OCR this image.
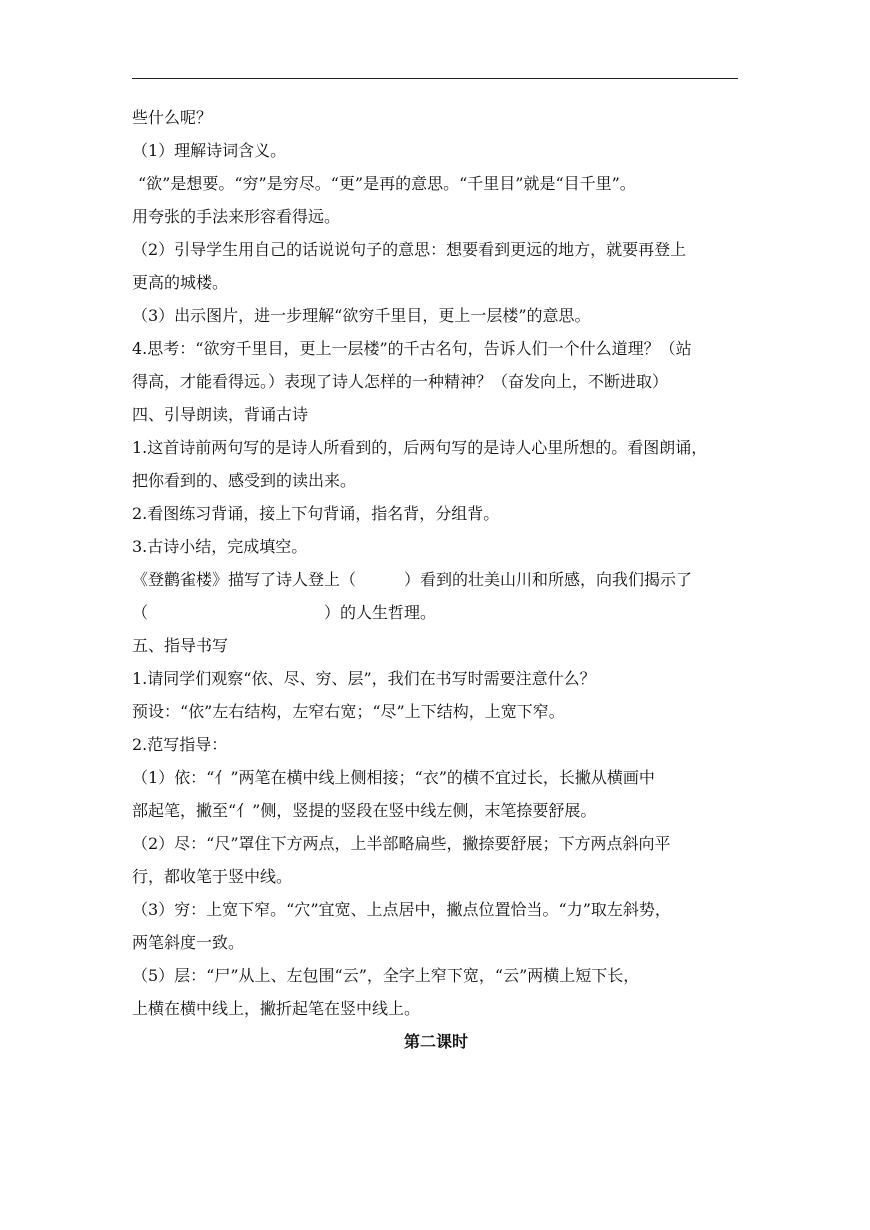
些什么呢？
（1）理解诗词含义。
“欲”是想要。“穷”是穷尽。“更”是再的意思。“千里目”就是“目千里”。
用夸张的手法来形容看得远。
（2）引导学生用自己的话说说句子的意思：想要看到更远的地方，就要再登上
更高的城楼。
（3）出示图片，进一步理解“欲穷千里目，更上一层楼”的意思。
4.思考：“欲穷千里目，更上一层楼”的千古名句，告诉人们一个什么道理？（站
得高，才能看得远。）表现了诗人怎样的一种精神？（奋发向上，不断进取）
四、引导朗读，背诵古诗
1.这首诗前两句写的是诗人所看到的，后两句写的是诗人心里所想的。看图朗诵，
把你看到的、感受到的读出来。
2.看图练习背诵，接上下句背诵，指名背，分组背。
3.古诗小结，完成填空。
《登鹳雀楼》描写了诗人登上（　　　）看到的壮美山川和所感，向我们揭示了
（　　　　　　　　　　　）的人生哲理。
五、指导书写
1.请同学们观察“依、尽、穷、层”，我们在书写时需要注意什么？
预设：“依”左右结构，左窄右宽；“尽”上下结构，上宽下窄。
2.范写指导：
（1）依：“亻”两笔在横中线上侧相接；“衣”的横不宜过长，长撇从横画中
部起笔，撇至“亻”侧，竖提的竖段在竖中线左侧，末笔捺要舒展。
（2）尽：“尺”罩住下方两点，上半部略扁些，撇捺要舒展；下方两点斜向平
行，都收笔于竖中线。
（3）穷：上宽下窄。“穴”宜宽、上点居中，撇点位置恰当。“力”取左斜势，
两笔斜度一致。
（5）层：“尸”从上、左包围“云”，全字上窄下宽，“云”两横上短下长，
上横在横中线上，撇折起笔在竖中线上。
第二课时
